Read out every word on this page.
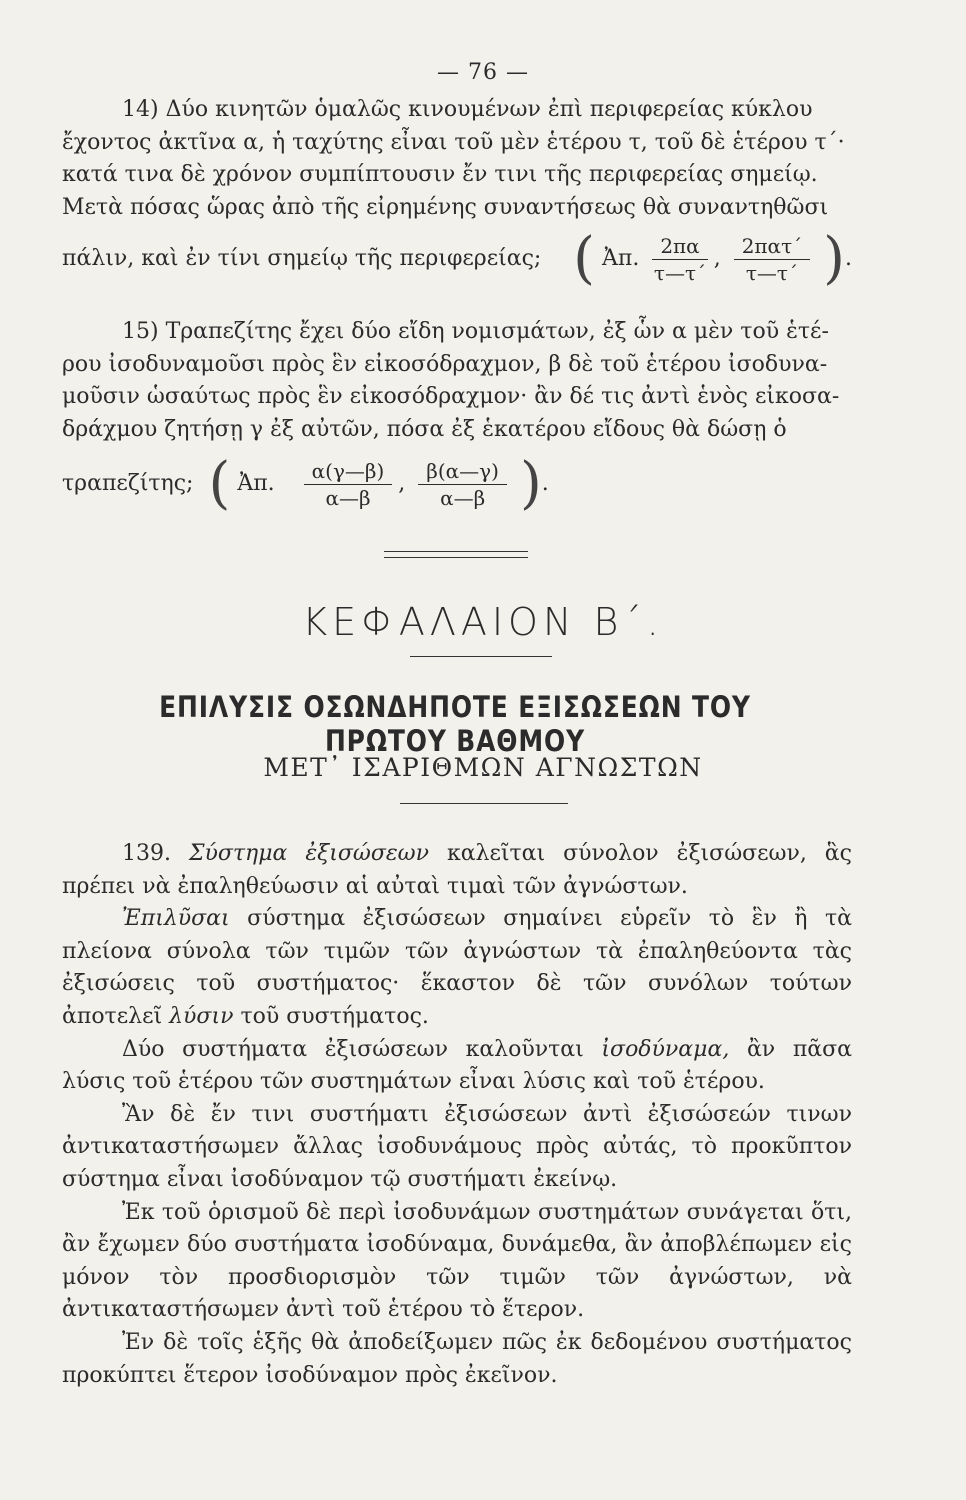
— 76 —

14) Δύο κινητῶν ὁμαλῶς κινουμένων ἐπὶ περιφερείας κύκλου

ἔχοντος ἀκτῖνα α, ἡ ταχύτης εἶναι τοῦ μὲν ἑτέρου τ, τοῦ δὲ ἑτέρου τ΄·

κατά τινα δὲ χρόνον συμπίπτουσιν ἔν τινι τῆς περιφερείας σημείῳ.

Μετὰ πόσας ὥρας ἀπὸ τῆς εἰρημένης συναντήσεως θὰ συναντηθῶσι

πάλιν, καὶ ἐν τίνι σημείῳ τῆς περιφερείας; ( Ἀπ. $\frac{2\pi\alpha}{\tau—\tau΄}$ , $\frac{\text{2πατ΄}}{\tau—\tau΄}$ ).

15) Τραπεζίτης ἔχει δύο εἴδη νομισμάτων, ἐξ ὧν α μὲν τοῦ ἑτέ-

ρου ἰσοδυναμοῦσι πρὸς ἓν εἰκοσόδραχμον, β δὲ τοῦ ἑτέρου ἰσοδυνα-

μοῦσιν ὡσαύτως πρὸς ἓν εἰκοσόδραχμον· ἂν δέ τις ἀντὶ ἑνὸς εἰκοσα-

δράχμου ζητήσῃ γ ἐξ αὐτῶν, πόσα ἐξ ἑκατέρου εἴδους θὰ δώσῃ ὁ

τραπεζίτης; ( Ἀπ. $\frac{\alpha(\gamma—\beta)}{\alpha—\beta}$ , $\frac{\beta(\alpha—\gamma)}{\alpha—\beta}$ ).
ΚΕΦΑΛΑΙΟΝ Β΄.
ΕΠΙΛΥΣΙΣ ΟΣΩΝΔΗΠΟΤΕ ΕΞΙΣΩΣΕΩΝ ΤΟΥ ΠΡΩΤΟΥ ΒΑΘΜΟΥ
ΜΕΤ᾽ ΙΣΑΡΙΘΜΩΝ ΑΓΝΩΣΤΩΝ

139. Σύστημα ἐξισώσεων καλεῖται σύνολον ἐξισώσεων, ἃς πρέπει νὰ ἐπαληθεύωσιν αἱ αὐταὶ τιμαὶ τῶν ἀγνώστων.

Ἐπιλῦσαι σύστημα ἐξισώσεων σημαίνει εὑρεῖν τὸ ἓν ἢ τὰ πλείονα σύνολα τῶν τιμῶν τῶν ἀγνώστων τὰ ἐπαληθεύοντα τὰς ἐξισώσεις τοῦ συστήματος· ἕκαστον δὲ τῶν συνόλων τούτων ἀποτελεῖ λύσιν τοῦ συστήματος.

Δύο συστήματα ἐξισώσεων καλοῦνται ἰσοδύναμα, ἂν πᾶσα λύσις τοῦ ἑτέρου τῶν συστημάτων εἶναι λύσις καὶ τοῦ ἑτέρου.

Ἂν δὲ ἔν τινι συστήματι ἐξισώσεων ἀντὶ ἐξισώσεών τινων ἀντικαταστήσωμεν ἄλλας ἰσοδυνάμους πρὸς αὐτάς, τὸ προκῦπτον σύστημα εἶναι ἰσοδύναμον τῷ συστήματι ἐκείνῳ.

Ἐκ τοῦ ὁρισμοῦ δὲ περὶ ἰσοδυνάμων συστημάτων συνάγεται ὅτι, ἂν ἔχωμεν δύο συστήματα ἰσοδύναμα, δυνάμεθα, ἂν ἀποβλέπωμεν εἰς μόνον τὸν προσδιορισμὸν τῶν τιμῶν τῶν ἀγνώστων, νὰ ἀντικαταστήσωμεν ἀντὶ τοῦ ἑτέρου τὸ ἕτερον.

Ἐν δὲ τοῖς ἑξῆς θὰ ἀποδείξωμεν πῶς ἐκ δεδομένου συστήματος προκύπτει ἕτερον ἰσοδύναμον πρὸς ἐκεῖνον.
